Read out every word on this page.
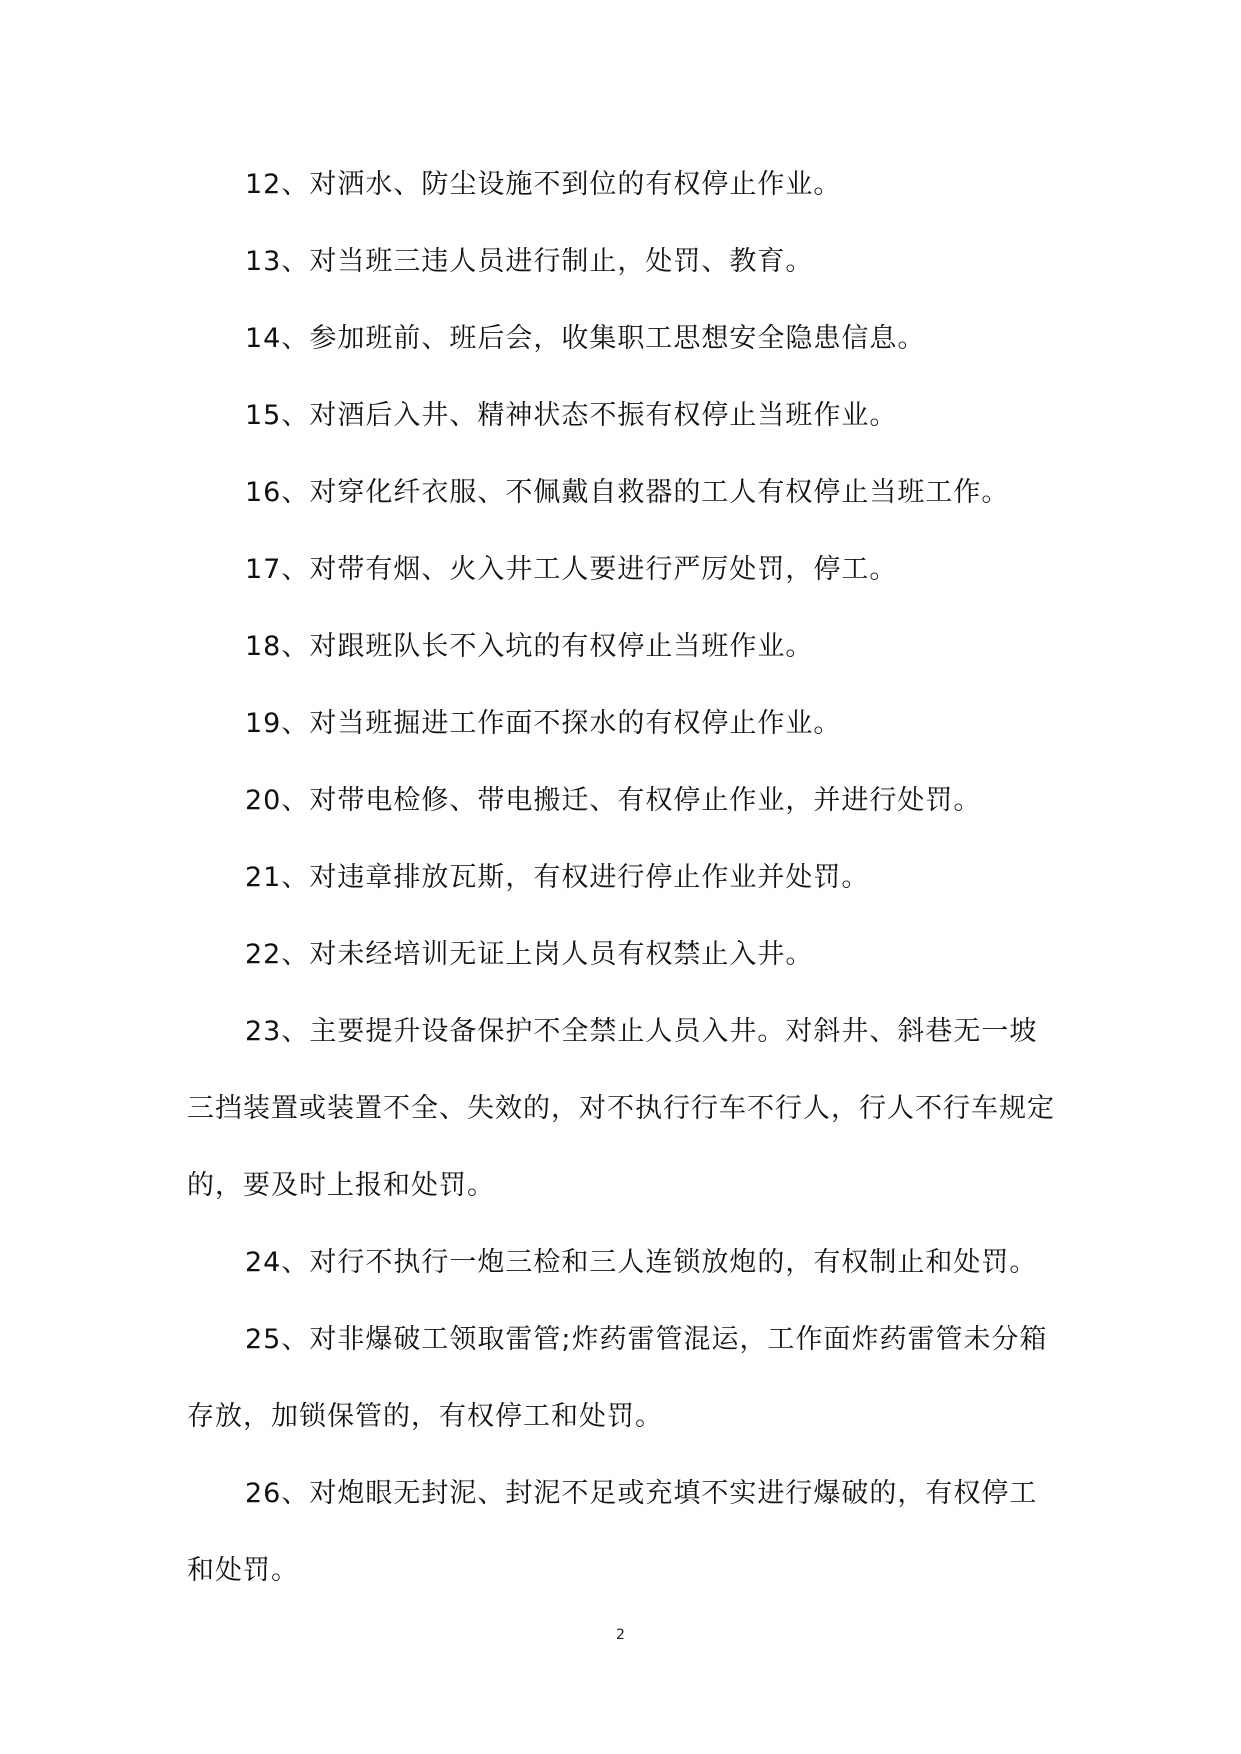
12、对洒水、防尘设施不到位的有权停止作业。

13、对当班三违人员进行制止，处罚、教育。

14、参加班前、班后会，收集职工思想安全隐患信息。

15、对酒后入井、精神状态不振有权停止当班作业。

16、对穿化纤衣服、不佩戴自救器的工人有权停止当班工作。

17、对带有烟、火入井工人要进行严厉处罚，停工。

18、对跟班队长不入坑的有权停止当班作业。

19、对当班掘进工作面不探水的有权停止作业。

20、对带电检修、带电搬迁、有权停止作业，并进行处罚。

21、对违章排放瓦斯，有权进行停止作业并处罚。

22、对未经培训无证上岗人员有权禁止入井。

23、主要提升设备保护不全禁止人员入井。对斜井、斜巷无一坡三挡装置或装置不全、失效的，对不执行行车不行人，行人不行车规定的，要及时上报和处罚。

24、对行不执行一炮三检和三人连锁放炮的，有权制止和处罚。

25、对非爆破工领取雷管;炸药雷管混运，工作面炸药雷管未分箱存放，加锁保管的，有权停工和处罚。

26、对炮眼无封泥、封泥不足或充填不实进行爆破的，有权停工和处罚。

2
